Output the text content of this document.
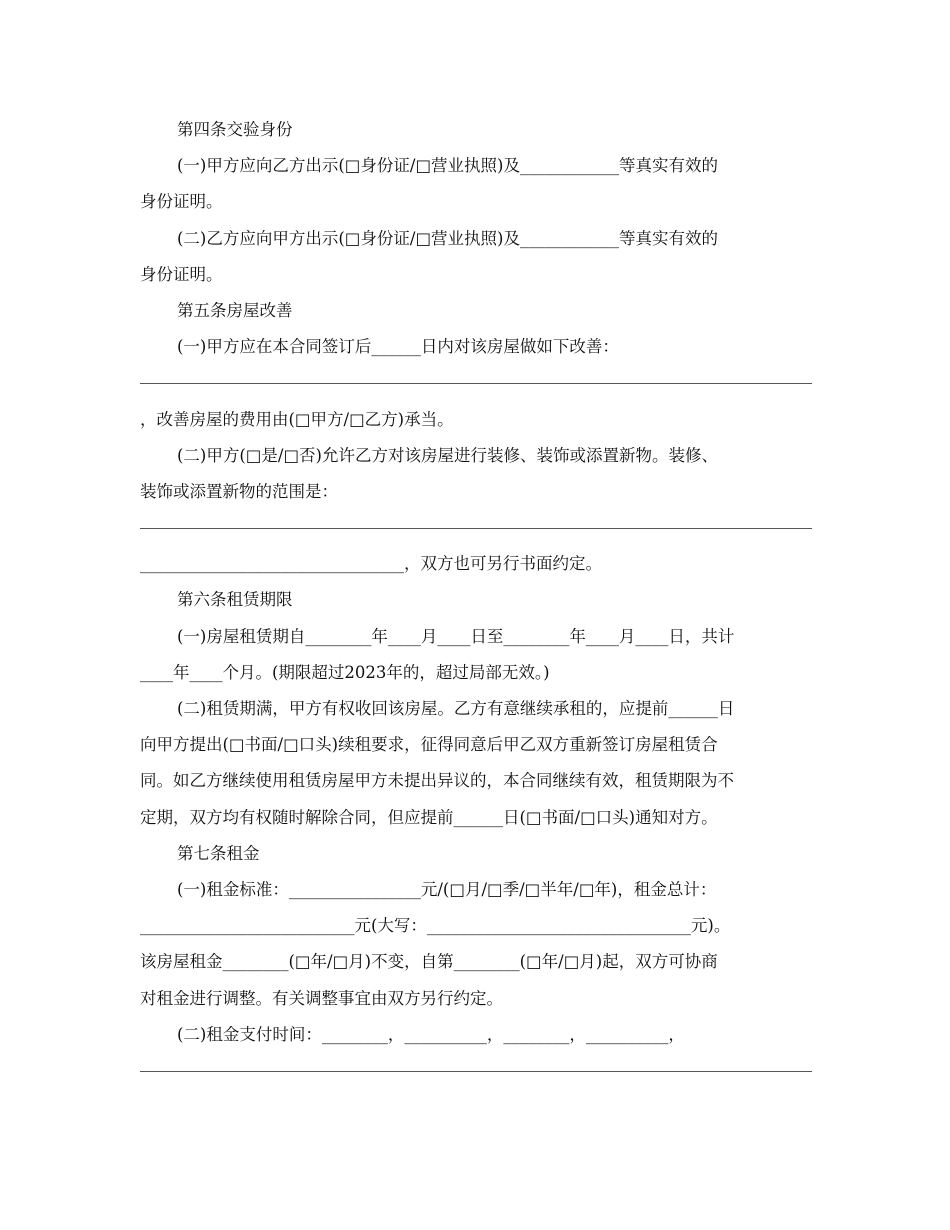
第四条交验身份
(一)甲方应向乙方出示(□身份证/□营业执照)及____________等真实有效的
身份证明。
(二)乙方应向甲方出示(□身份证/□营业执照)及____________等真实有效的
身份证明。
第五条房屋改善
(一)甲方应在本合同签订后______日内对该房屋做如下改善：
，改善房屋的费用由(□甲方/□乙方)承当。
(二)甲方(□是/□否)允许乙方对该房屋进行装修、装饰或添置新物。装修、
装饰或添置新物的范围是：
________________________________，双方也可另行书面约定。
第六条租赁期限
(一)房屋租赁期自________年____月____日至________年____月____日，共计
____年____个月。(期限超过2023年的，超过局部无效。)
(二)租赁期满，甲方有权收回该房屋。乙方有意继续承租的，应提前______日
向甲方提出(□书面/□口头)续租要求，征得同意后甲乙双方重新签订房屋租赁合
同。如乙方继续使用租赁房屋甲方未提出异议的，本合同继续有效，租赁期限为不
定期，双方均有权随时解除合同，但应提前______日(□书面/□口头)通知对方。
第七条租金
(一)租金标准：________________元/(□月/□季/□半年/□年)，租金总计：
__________________________元(大写：________________________________元)。
该房屋租金________(□年/□月)不变，自第________(□年/□月)起，双方可协商
对租金进行调整。有关调整事宜由双方另行约定。
(二)租金支付时间：________，__________，________，__________，
